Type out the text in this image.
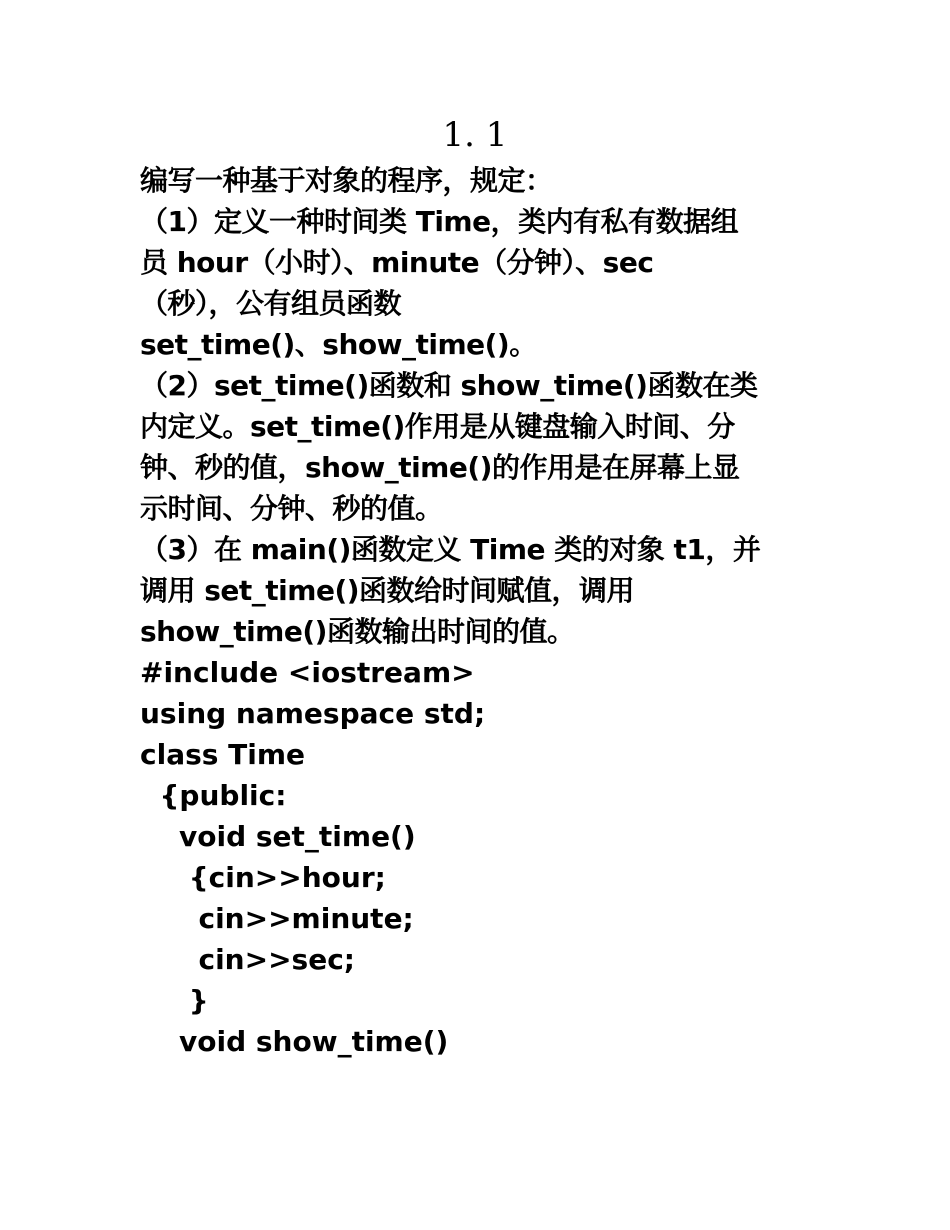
1. 1
编写一种基于对象的程序，规定：
（1）定义一种时间类 Time，类内有私有数据组
员 hour（小时）、minute（分钟）、sec
（秒），公有组员函数
set_time()、show_time()。
（2）set_time()函数和 show_time()函数在类
内定义。set_time()作用是从键盘输入时间、分
钟、秒的值，show_time()的作用是在屏幕上显
示时间、分钟、秒的值。
（3）在 main()函数定义 Time 类的对象 t1，并
调用 set_time()函数给时间赋值，调用
show_time()函数输出时间的值。
#include <iostream>
using namespace std;
class Time
{public:
void set_time()
{cin>>hour;
cin>>minute;
cin>>sec;
}
void show_time()
